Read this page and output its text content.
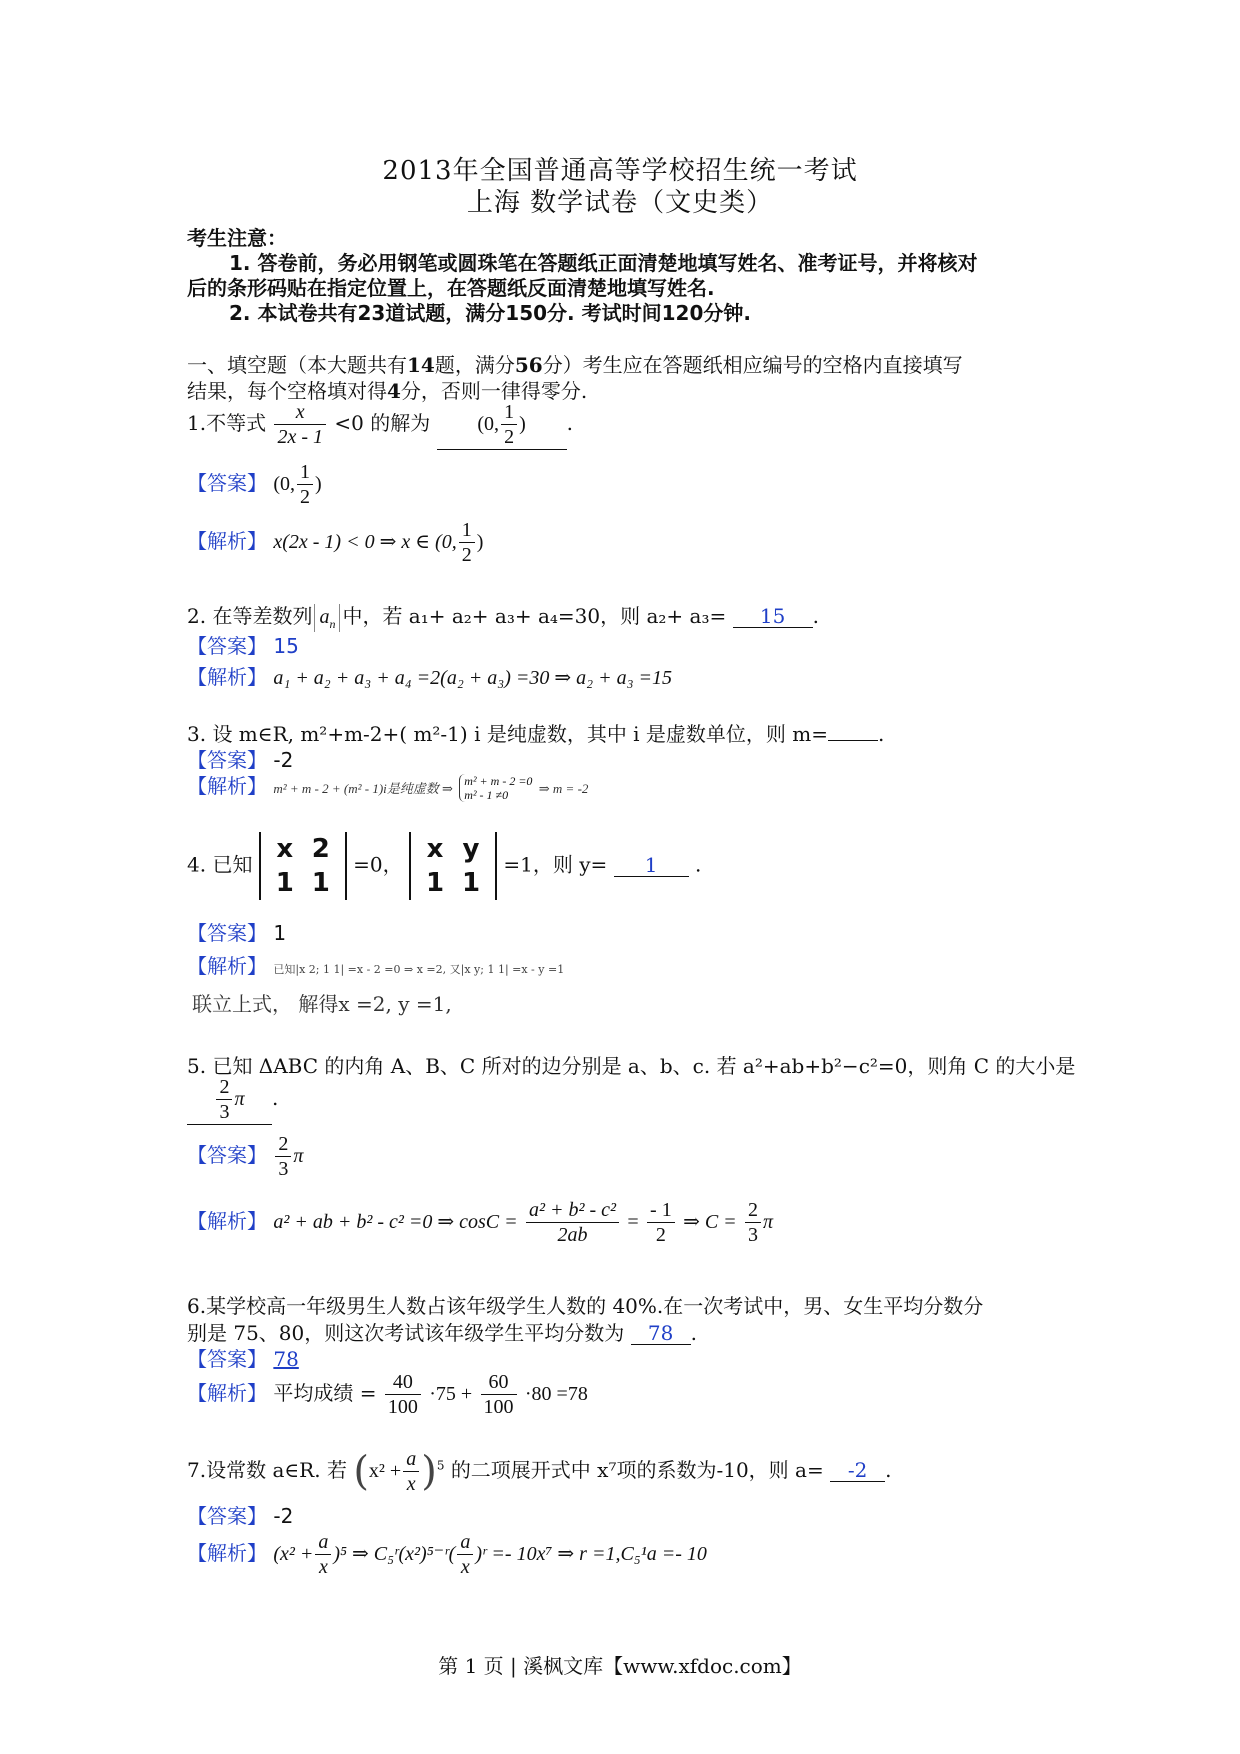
2013年全国普通高等学校招生统一考试
上海 数学试卷（文史类）
考生注意：
1. 答卷前，务必用钢笔或圆珠笔在答题纸正面清楚地填写姓名、准考证号，并将核对
后的条形码贴在指定位置上，在答题纸反面清楚地填写姓名.
2. 本试卷共有23道试题，满分150分. 考试时间120分钟.
一、填空题（本大题共有14题，满分56分）考生应在答题纸相应编号的空格内直接填写
结果，每个空格填对得4分，否则一律得零分.
1.不等式 $\frac{x}{2x - 1} <0$ 的解为 (0, $\frac{1}{2}$ ) .
【答案】 (0, $\frac{1}{2}$ )
【解析】 x(2x - 1) < 0 ⇒ x ∈ (0, $\frac{1}{2}$ )
2. 在等差数列 $a_n$ 中，若 a₁+ a₂+ a₃+ a₄=30，则 a₂+ a₃= 15 .
【答案】 15
【解析】 a₁ + a₂ + a₃ + a₄ =2(a₂ + a₃) =30 ⇒ a₂ + a₃ =15
3. 设 m∈R, m²+m-2+( m²-1) i 是纯虚数，其中 i 是虚数单位，则 m=	.
【答案】 -2
【解析】 m² + m - 2 + (m² - 1)i是纯虚数 ⇒
m² + m - 2 =0
m² - 1 ≠0	⇒ m = -2
4. 已知
x 2
1 1
=0，
x y
1 1
=1，则 y= 1 .
【答案】 1
【解析】 已知|x 2; 1 1| =x - 2 =0 ⇒ x =2, 又|x y; 1 1| =x - y =1
联立上式， 解得x =2, y =1,
5. 已知 ΔABC 的内角 A、B、C 所对的边分别是 a、b、c. 若 a²+ab+b²−c²=0，则角 C 的大小是
$\frac{2}{3}$ π .
【答案】 $\frac{2}{3}$ π
【解析】 a² + ab + b² - c² =0 ⇒ $\cos C = \frac{\text{a² + b² - c²}}{2ab} = \frac{- 1}{2}$ ⇒ $C = \frac{2}{3}$ π
6.某学校高一年级男生人数占该年级学生人数的 40%.在一次考试中，男、女生平均分数分
别是 75、80，则这次考试该年级学生平均分数为 78 .
【答案】 78
【解析】 平均成绩 = $\frac{40}{100} \cdot 75 + \frac{60}{100} \cdot 80 =78$
7.设常数 a∈R. 若 $(x^2 + \frac{a}{x} )^5$ 的二项展开式中 x⁷项的系数为-10，则 a= -2 .
【答案】 -2
【解析】 $(x^2 + \frac{a}{x} )^5$ ⇒ C₅ʳ(x²)⁵⁻ʳ( $\frac{a}{x}$ )ʳ =- 10x⁷ ⇒ r =1,C₅¹a =- 10
第 1 页 | 溪枫文库【www.xfdoc.com】
